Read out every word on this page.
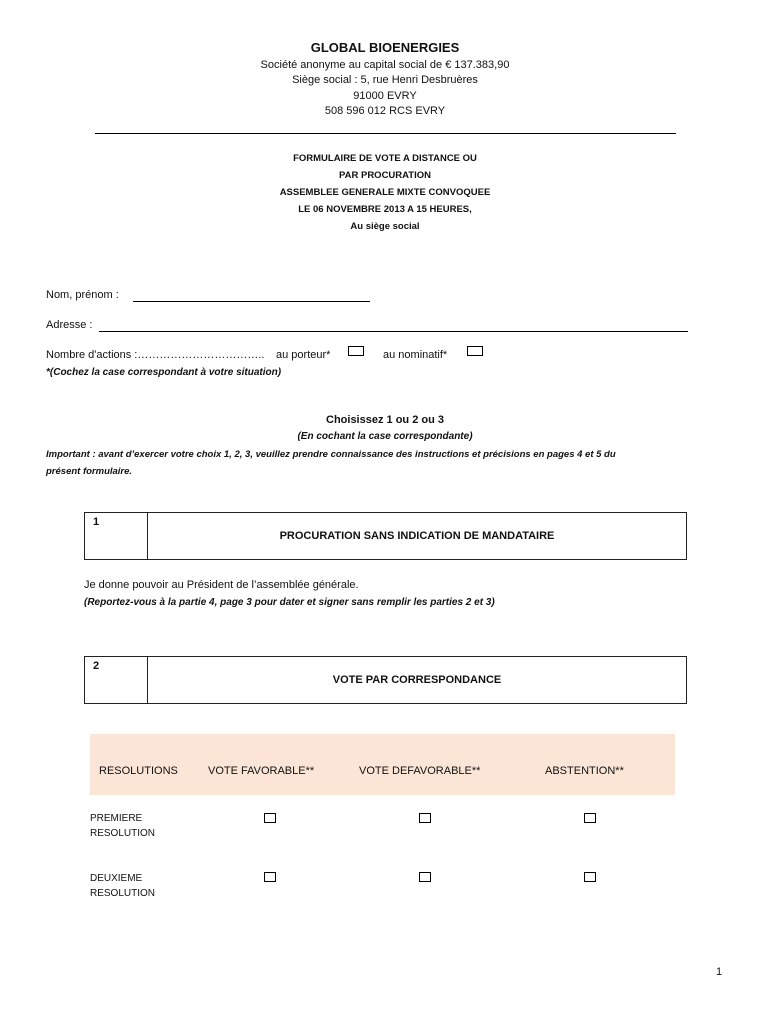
GLOBAL BIOENERGIES
Société anonyme au capital social de € 137.383,90
Siège social : 5, rue Henri Desbruères
91000 EVRY
508 596 012 RCS EVRY
FORMULAIRE DE VOTE A DISTANCE OU
PAR PROCURATION
ASSEMBLEE GENERALE MIXTE CONVOQUEE
LE 06 NOVEMBRE 2013 A 15 HEURES,
Au siège social
Nom, prénom :
Adresse :
Nombre d'actions :…………………………….. au porteur*	au nominatif*
*(Cochez la case correspondant à votre situation)
Choisissez 1 ou 2 ou 3
(En cochant la case correspondante)
Important : avant d’exercer votre choix 1, 2, 3, veuillez prendre connaissance des instructions et précisions en pages 4 et 5 du
présent formulaire.
1
PROCURATION SANS INDICATION DE MANDATAIRE
Je donne pouvoir au Président de l’assemblée générale.
(Reportez-vous à la partie 4, page 3 pour dater et signer sans remplir les parties 2 et 3)
2
VOTE PAR CORRESPONDANCE
RESOLUTIONS	VOTE FAVORABLE**	VOTE DEFAVORABLE**	ABSTENTION**
PREMIERE
RESOLUTION
DEUXIEME
RESOLUTION
1
